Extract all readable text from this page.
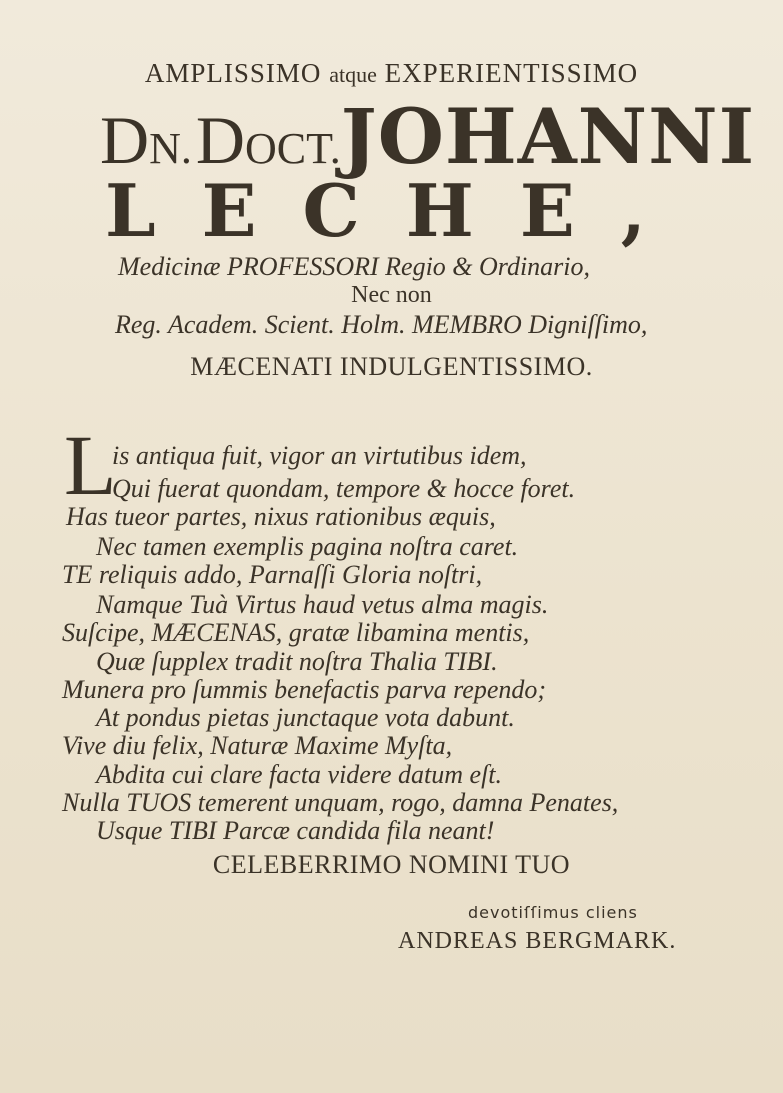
AMPLISSIMO atque EXPERIENTISSIMO
DN. DOCT.JOHANNI
LECHE,
Medicinæ PROFESSORI Regio & Ordinario,
Nec non
Reg. Academ. Scient. Holm. MEMBRO Digniſſimo,
MÆCENATI INDULGENTISSIMO.
L
is antiqua fuit, vigor an virtutibus idem,
Qui fuerat quondam, tempore & hocce foret.
Has tueor partes, nixus rationibus æquis,
Nec tamen exemplis pagina noſtra caret.
TE reliquis addo, Parnaſſi Gloria noſtri,
Namque Tuà Virtus haud vetus alma magis.
Suſcipe, MÆCENAS, gratæ libamina mentis,
Quæ ſupplex tradit noſtra Thalia TIBI.
Munera pro ſummis benefactis parva rependo;
At pondus pietas junctaque vota dabunt.
Vive diu felix, Naturæ Maxime Myſta,
Abdita cui clare facta videre datum eſt.
Nulla TUOS temerent unquam, rogo, damna Penates,
Usque TIBI Parcæ candida fila neant!
CELEBERRIMO NOMINI TUO
devotiſſimus cliens
ANDREAS BERGMARK.
